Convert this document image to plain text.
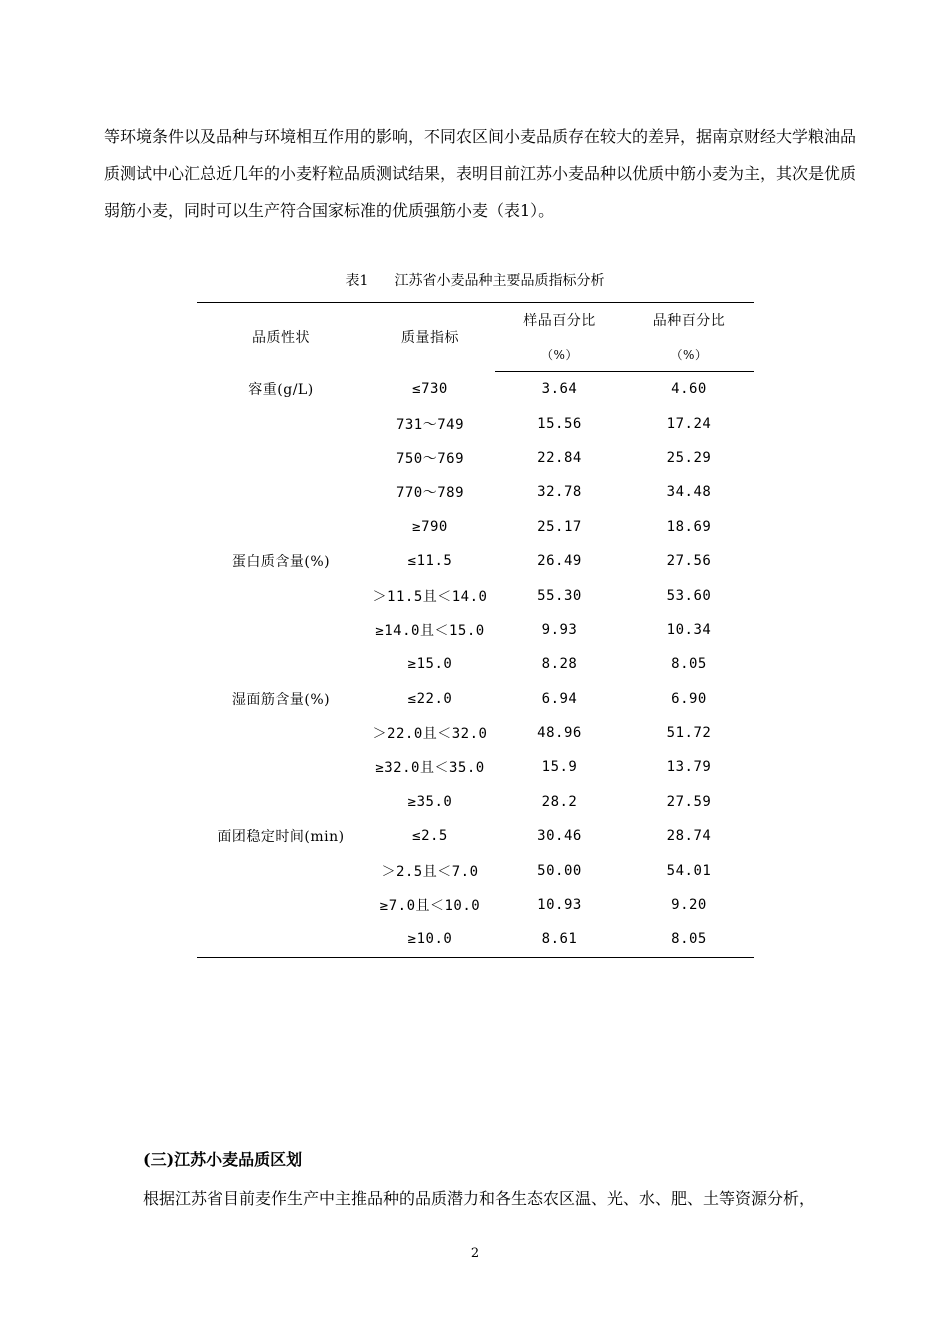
等环境条件以及品种与环境相互作用的影响，不同农区间小麦品质存在较大的差异，据南京财经大学粮油品质测试中心汇总近几年的小麦籽粒品质测试结果，表明目前江苏小麦品种以优质中筋小麦为主，其次是优质弱筋小麦，同时可以生产符合国家标准的优质强筋小麦（表1）。

表1 江苏省小麦品种主要品质指标分析
品质性状	质量指标	样品百分比	品种百分比
		（%）	（%）
容重(g/L)	≤730	3.64	4.60
	731～749	15.56	17.24
	750～769	22.84	25.29
	770～789	32.78	34.48
	≥790	25.17	18.69
蛋白质含量(%)	≤11.5	26.49	27.56
	＞11.5且＜14.0	55.30	53.60
	≥14.0且＜15.0	9.93	10.34
	≥15.0	8.28	8.05
湿面筋含量(%)	≤22.0	6.94	6.90
	＞22.0且＜32.0	48.96	51.72
	≥32.0且＜35.0	15.9	13.79
	≥35.0	28.2	27.59
面团稳定时间(min)	≤2.5	30.46	28.74
	＞2.5且＜7.0	50.00	54.01
	≥7.0且＜10.0	10.93	9.20
	≥10.0	8.61	8.05
(三)江苏小麦品质区划

根据江苏省目前麦作生产中主推品种的品质潜力和各生态农区温、光、水、肥、土等资源分析，

2
